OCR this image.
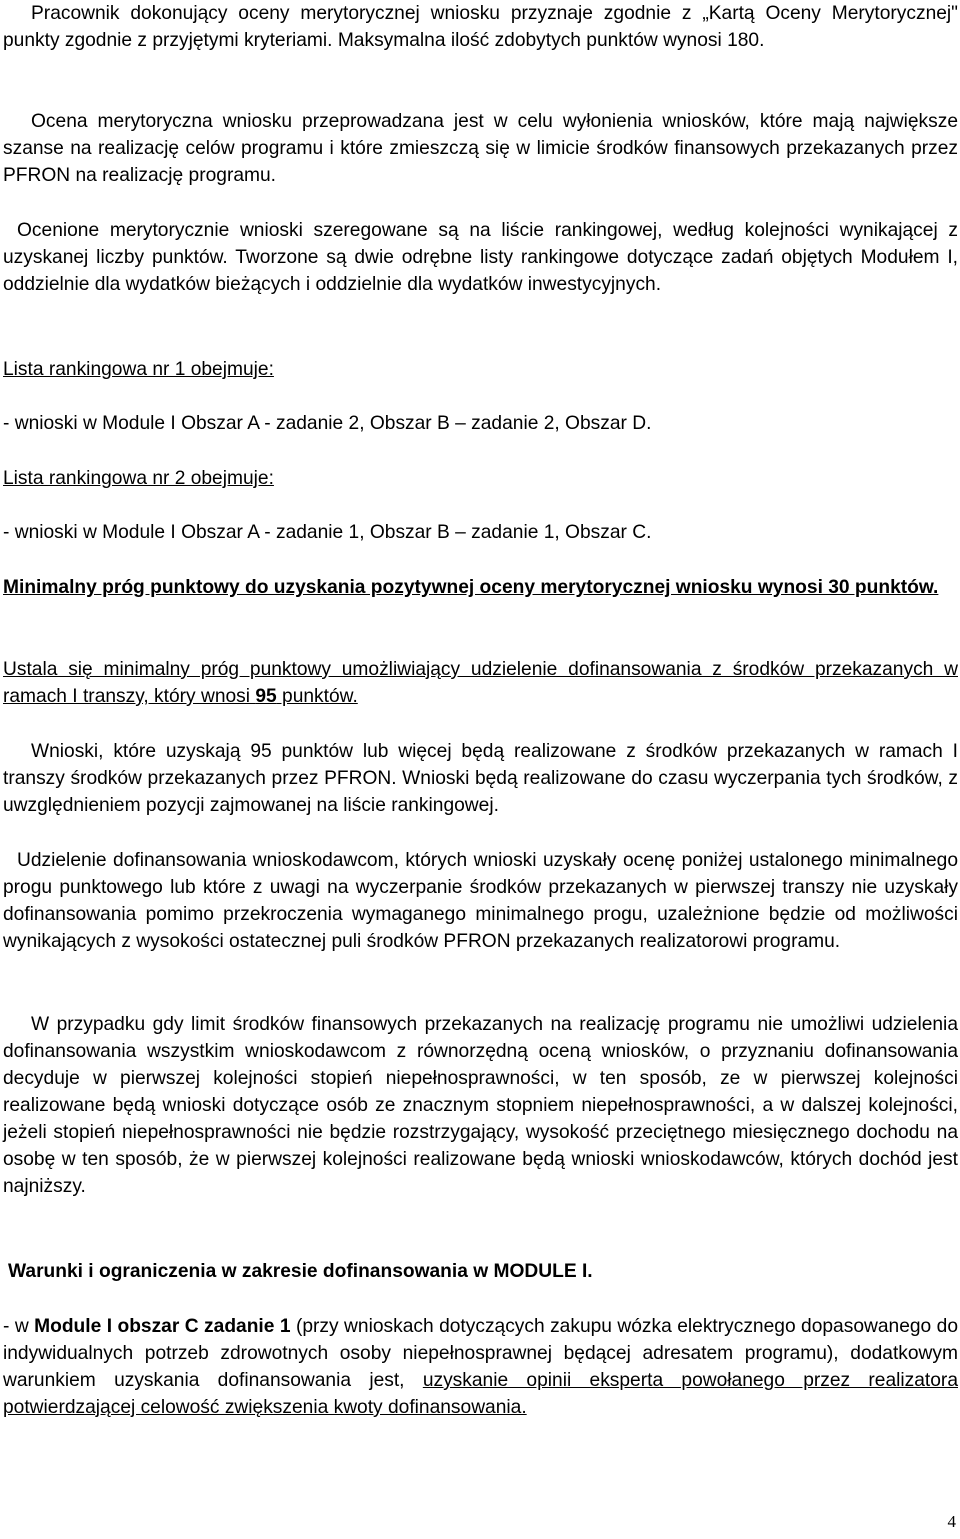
Pracownik dokonujący oceny merytorycznej wniosku przyznaje zgodnie z „Kartą Oceny Merytorycznej" punkty zgodnie z przyjętymi kryteriami. Maksymalna ilość zdobytych punktów wynosi 180.

Ocena merytoryczna wniosku przeprowadzana jest w celu wyłonienia wniosków, które mają największe szanse na realizację celów programu i które zmieszczą się w limicie środków finansowych przekazanych przez PFRON na realizację programu.

Ocenione merytorycznie wnioski szeregowane są na liście rankingowej, według kolejności wynikającej z uzyskanej liczby punktów. Tworzone są dwie odrębne listy rankingowe dotyczące zadań objętych Modułem I, oddzielnie dla wydatków bieżących i oddzielnie dla wydatków inwestycyjnych.

Lista rankingowa nr 1 obejmuje:

- wnioski w Module I Obszar A - zadanie 2, Obszar B – zadanie 2, Obszar D.

Lista rankingowa nr 2 obejmuje:

- wnioski w Module I Obszar A - zadanie 1, Obszar B – zadanie 1, Obszar C.

Minimalny próg punktowy do uzyskania pozytywnej oceny merytorycznej wniosku wynosi 30 punktów.

Ustala się minimalny próg punktowy umożliwiający udzielenie dofinansowania z środków przekazanych w ramach I transzy, który wnosi 95 punktów.

Wnioski, które uzyskają 95 punktów lub więcej będą realizowane z środków przekazanych w ramach I transzy środków przekazanych przez PFRON. Wnioski będą realizowane do czasu wyczerpania tych środków, z uwzględnieniem pozycji zajmowanej na liście rankingowej.

Udzielenie dofinansowania wnioskodawcom, których wnioski uzyskały ocenę poniżej ustalonego minimalnego progu punktowego lub które z uwagi na wyczerpanie środków przekazanych w pierwszej transzy nie uzyskały dofinansowania pomimo przekroczenia wymaganego minimalnego progu, uzależnione będzie od możliwości wynikających z wysokości ostatecznej puli środków PFRON przekazanych realizatorowi programu.

W przypadku gdy limit środków finansowych przekazanych na realizację programu nie umożliwi udzielenia dofinansowania wszystkim wnioskodawcom z równorzędną oceną wniosków, o przyznaniu dofinansowania decyduje w pierwszej kolejności stopień niepełnosprawności, w ten sposób, ze w pierwszej kolejności realizowane będą wnioski dotyczące osób ze znacznym stopniem niepełnosprawności, a w dalszej kolejności, jeżeli stopień niepełnosprawności nie będzie rozstrzygający, wysokość przeciętnego miesięcznego dochodu na osobę w ten sposób, że w pierwszej kolejności realizowane będą wnioski wnioskodawców, których dochód jest najniższy.

Warunki i ograniczenia w zakresie dofinansowania w MODULE I.

- w Module I obszar C zadanie 1 (przy wnioskach dotyczących zakupu wózka elektrycznego dopasowanego do indywidualnych potrzeb zdrowotnych osoby niepełnosprawnej będącej adresatem programu), dodatkowym warunkiem uzyskania dofinansowania jest, uzyskanie opinii eksperta powołanego przez realizatora potwierdzającej celowość zwiększenia kwoty dofinansowania.

4
